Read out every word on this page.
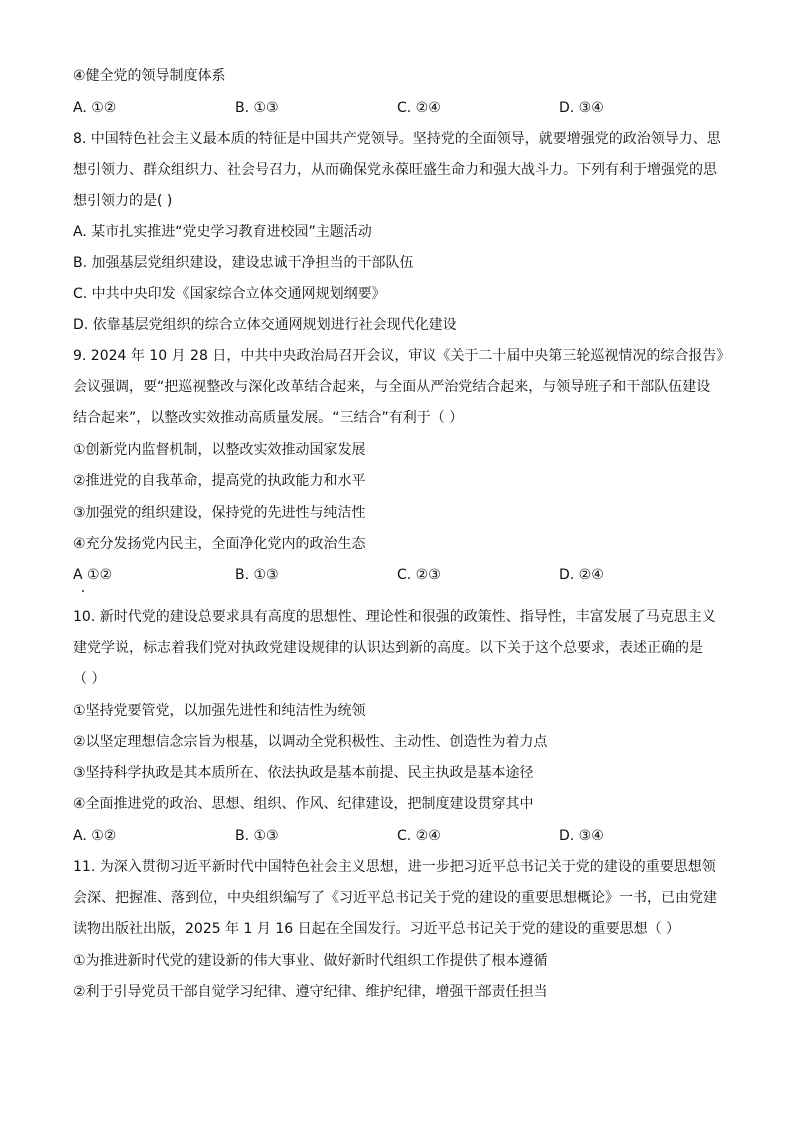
④健全党的领导制度体系
A. ①②	B. ①③	C. ②④	D. ③④
8. 中国特色社会主义最本质的特征是中国共产党领导。坚持党的全面领导，就要增强党的政治领导力、思
想引领力、群众组织力、社会号召力，从而确保党永葆旺盛生命力和强大战斗力。下列有利于增强党的思
想引领力的是( )
A. 某市扎实推进“党史学习教育进校园”主题活动
B. 加强基层党组织建设，建设忠诚干净担当的干部队伍
C. 中共中央印发《国家综合立体交通网规划纲要》
D. 依靠基层党组织的综合立体交通网规划进行社会现代化建设
9. 2024 年 10 月 28 日，中共中央政治局召开会议，审议《关于二十届中央第三轮巡视情况的综合报告》
会议强调，要“把巡视整改与深化改革结合起来，与全面从严治党结合起来，与领导班子和干部队伍建设
结合起来”，以整改实效推动高质量发展。“三结合”有利于（ ）
①创新党内监督机制，以整改实效推动国家发展
②推进党的自我革命，提高党的执政能力和水平
③加强党的组织建设，保持党的先进性与纯洁性
④充分发扬党内民主，全面净化党内的政治生态
A ①②	B. ①③	C. ②③	D. ②④
10. 新时代党的建设总要求具有高度的思想性、理论性和很强的政策性、指导性，丰富发展了马克思主义
建党学说，标志着我们党对执政党建设规律的认识达到新的高度。以下关于这个总要求，表述正确的是
（ ）
①坚持党要管党，以加强先进性和纯洁性为统领
②以坚定理想信念宗旨为根基，以调动全党积极性、主动性、创造性为着力点
③坚持科学执政是其本质所在、依法执政是基本前提、民主执政是基本途径
④全面推进党的政治、思想、组织、作风、纪律建设，把制度建设贯穿其中
A. ①②	B. ①③	C. ②④	D. ③④
11. 为深入贯彻习近平新时代中国特色社会主义思想，进一步把习近平总书记关于党的建设的重要思想领
会深、把握准、落到位，中央组织编写了《习近平总书记关于党的建设的重要思想概论》一书，已由党建
读物出版社出版，2025 年 1 月 16 日起在全国发行。习近平总书记关于党的建设的重要思想（ ）
①为推进新时代党的建设新的伟大事业、做好新时代组织工作提供了根本遵循
②利于引导党员干部自觉学习纪律、遵守纪律、维护纪律，增强干部责任担当
